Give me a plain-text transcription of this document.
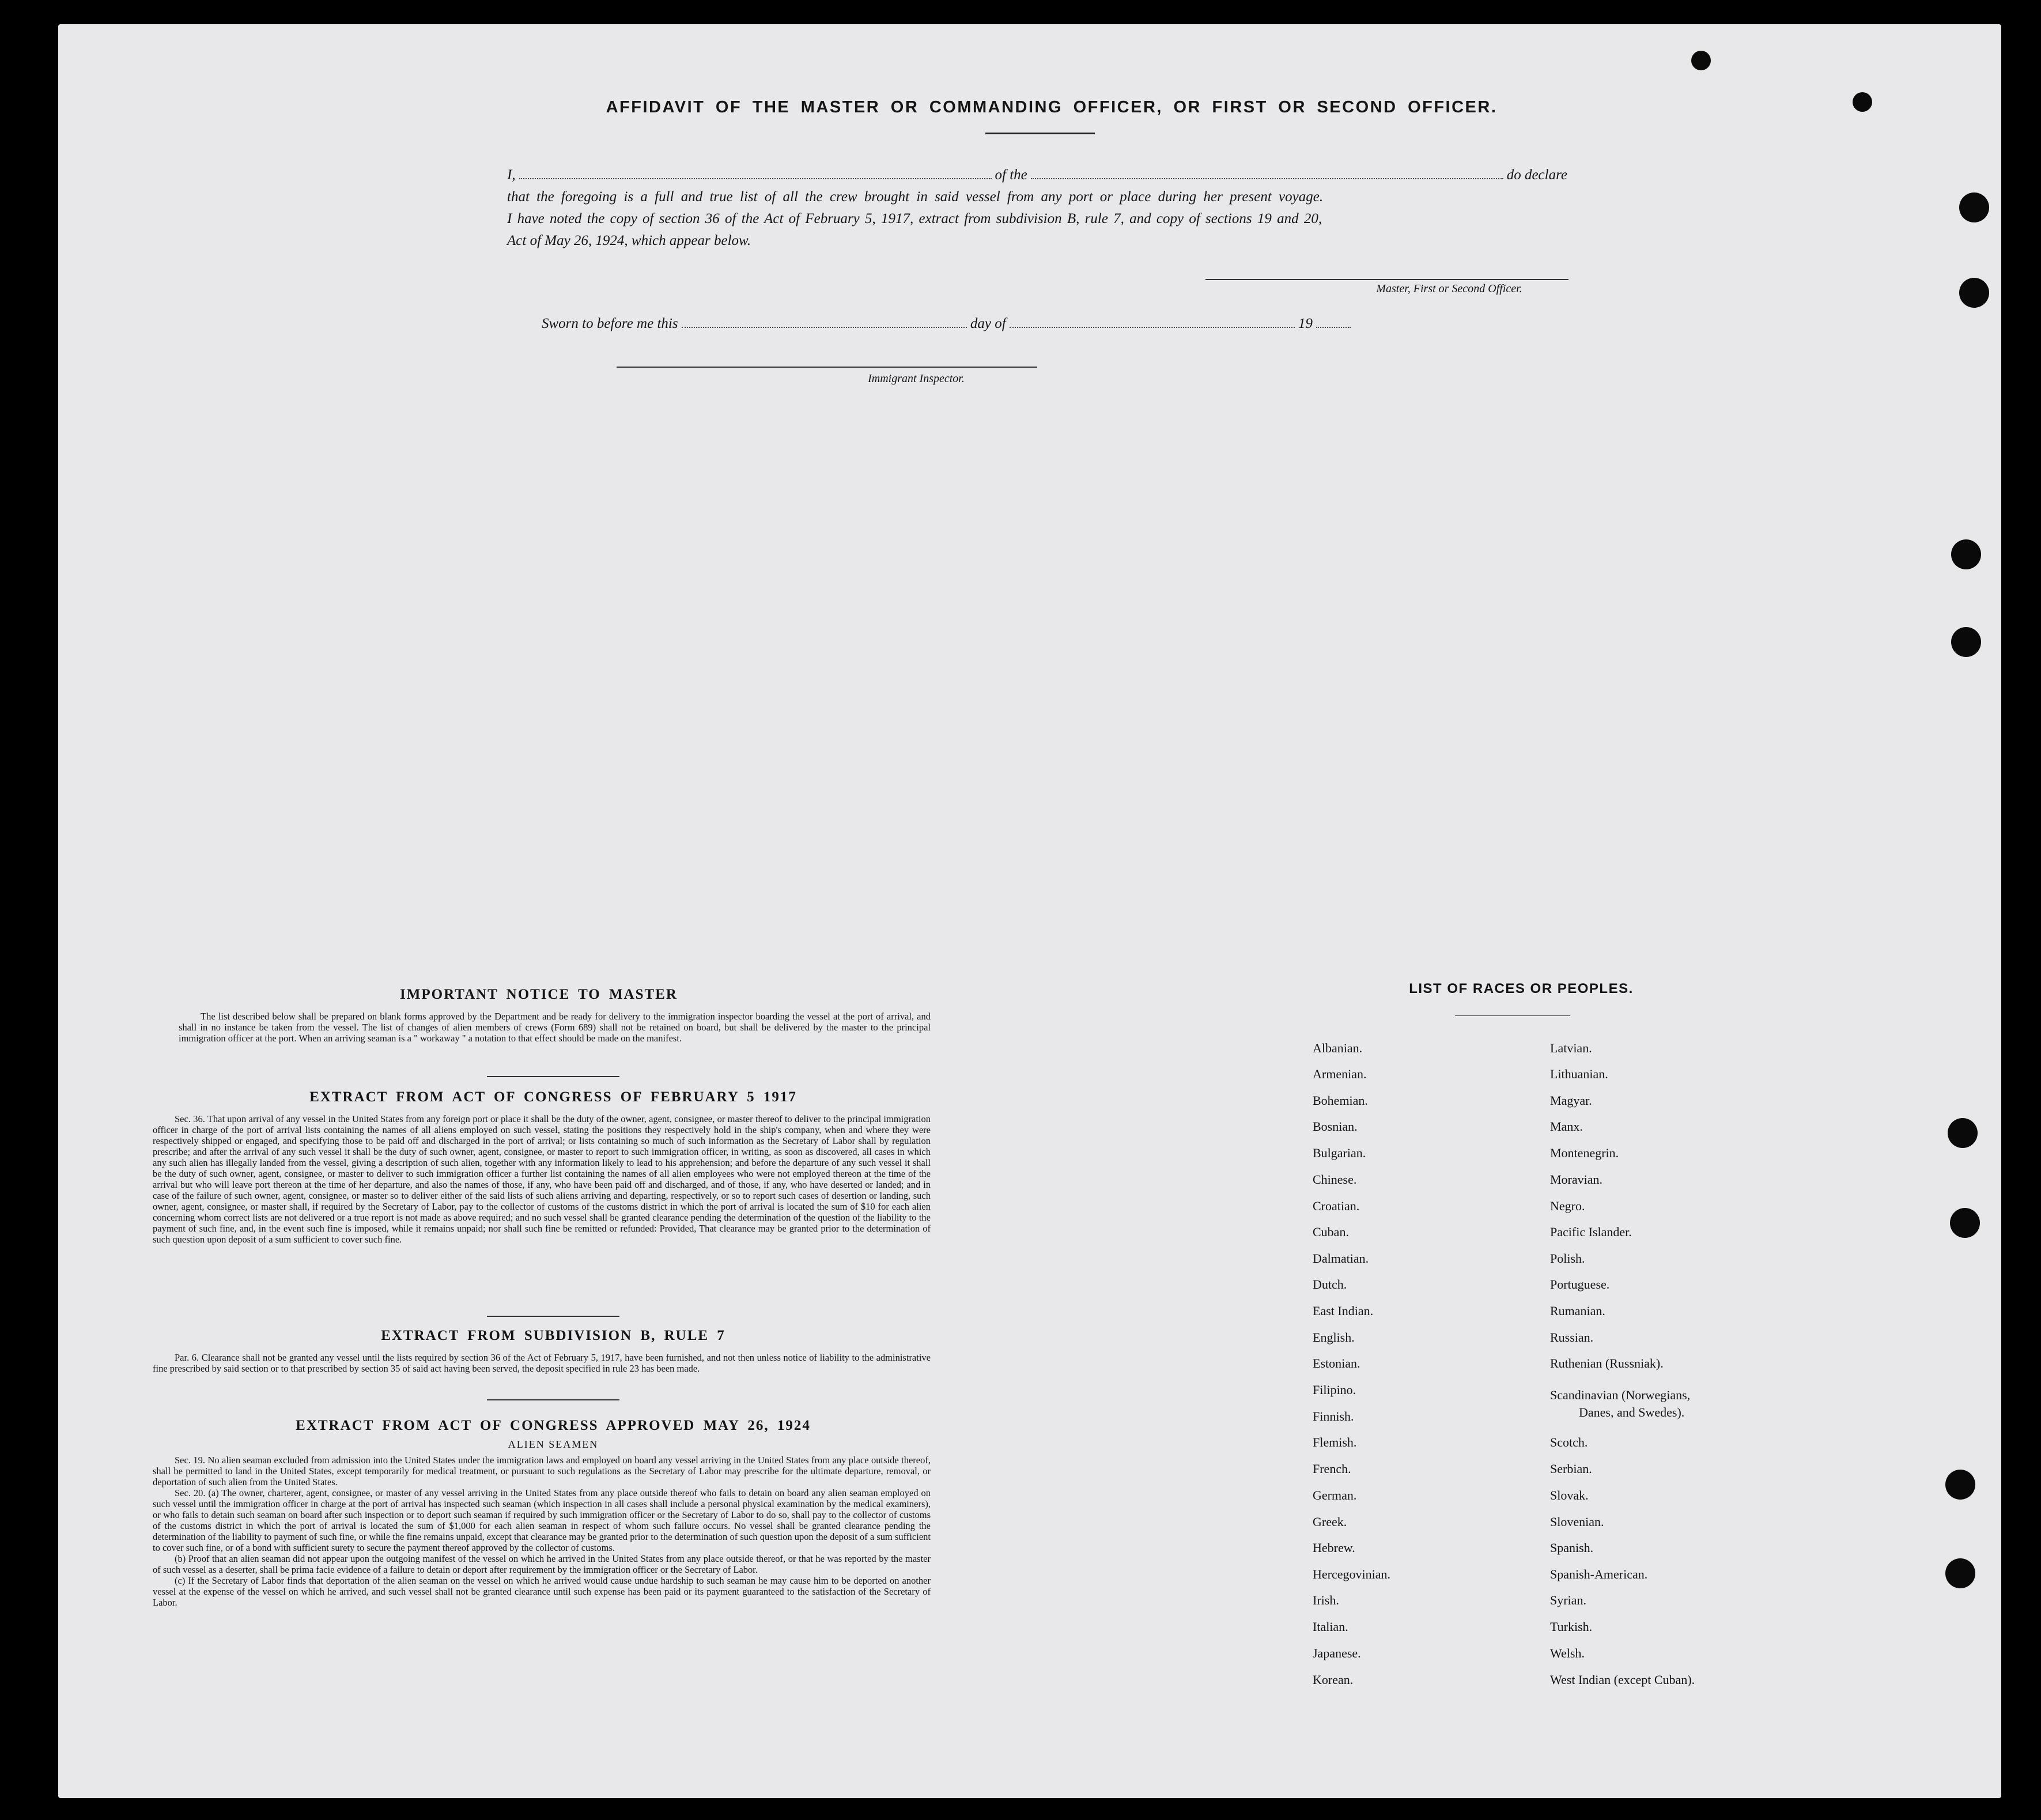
AFFIDAVIT OF THE MASTER OR COMMANDING OFFICER, OR FIRST OR SECOND OFFICER.
I,	of the	do declare
that the foregoing is a full and true list of all the crew brought in said vessel from any port or place during her present voyage.
I have noted the copy of section 36 of the Act of February 5, 1917, extract from subdivision B, rule 7, and copy of sections 19 and 20,
Act of May 26, 1924, which appear below.
Master, First or Second Officer.
Sworn to before me this	day of	19
Immigrant Inspector.
IMPORTANT NOTICE TO MASTER

The list described below shall be prepared on blank forms approved by the Department and be ready for delivery to the immigration inspector boarding the vessel at the port of arrival, and shall in no instance be taken from the vessel. The list of changes of alien members of crews (Form 689) shall not be retained on board, but shall be delivered by the master to the principal immigration officer at the port. When an arriving seaman is a " workaway " a notation to that effect should be made on the manifest.

EXTRACT FROM ACT OF CONGRESS OF FEBRUARY 5 1917

Sec. 36. That upon arrival of any vessel in the United States from any foreign port or place it shall be the duty of the owner, agent, consignee, or master thereof to deliver to the principal immigration officer in charge of the port of arrival lists containing the names of all aliens employed on such vessel, stating the positions they respectively hold in the ship's company, when and where they were respectively shipped or engaged, and specifying those to be paid off and discharged in the port of arrival; or lists containing so much of such information as the Secretary of Labor shall by regulation prescribe; and after the arrival of any such vessel it shall be the duty of such owner, agent, consignee, or master to report to such immigration officer, in writing, as soon as discovered, all cases in which any such alien has illegally landed from the vessel, giving a description of such alien, together with any information likely to lead to his apprehension; and before the departure of any such vessel it shall be the duty of such owner, agent, consignee, or master to deliver to such immigration officer a further list containing the names of all alien employees who were not employed thereon at the time of the arrival but who will leave port thereon at the time of her departure, and also the names of those, if any, who have been paid off and discharged, and of those, if any, who have deserted or landed; and in case of the failure of such owner, agent, consignee, or master so to deliver either of the said lists of such aliens arriving and departing, respectively, or so to report such cases of desertion or landing, such owner, agent, consignee, or master shall, if required by the Secretary of Labor, pay to the collector of customs of the customs district in which the port of arrival is located the sum of $10 for each alien concerning whom correct lists are not delivered or a true report is not made as above required; and no such vessel shall be granted clearance pending the determination of the question of the liability to the payment of such fine, and, in the event such fine is imposed, while it remains unpaid; nor shall such fine be remitted or refunded: Provided, That clearance may be granted prior to the determination of such question upon deposit of a sum sufficient to cover such fine.

EXTRACT FROM SUBDIVISION B, RULE 7

Par. 6. Clearance shall not be granted any vessel until the lists required by section 36 of the Act of February 5, 1917, have been furnished, and not then unless notice of liability to the administrative fine prescribed by said section or to that prescribed by section 35 of said act having been served, the deposit specified in rule 23 has been made.

EXTRACT FROM ACT OF CONGRESS APPROVED MAY 26, 1924
ALIEN SEAMEN

Sec. 19. No alien seaman excluded from admission into the United States under the immigration laws and employed on board any vessel arriving in the United States from any place outside thereof, shall be permitted to land in the United States, except temporarily for medical treatment, or pursuant to such regulations as the Secretary of Labor may prescribe for the ultimate departure, removal, or deportation of such alien from the United States.

Sec. 20. (a) The owner, charterer, agent, consignee, or master of any vessel arriving in the United States from any place outside thereof who fails to detain on board any alien seaman employed on such vessel until the immigration officer in charge at the port of arrival has inspected such seaman (which inspection in all cases shall include a personal physical examination by the medical examiners), or who fails to detain such seaman on board after such inspection or to deport such seaman if required by such immigration officer or the Secretary of Labor to do so, shall pay to the collector of customs of the customs district in which the port of arrival is located the sum of $1,000 for each alien seaman in respect of whom such failure occurs. No vessel shall be granted clearance pending the determination of the liability to payment of such fine, or while the fine remains unpaid, except that clearance may be granted prior to the determination of such question upon the deposit of a sum sufficient to cover such fine, or of a bond with sufficient surety to secure the payment thereof approved by the collector of customs.

(b) Proof that an alien seaman did not appear upon the outgoing manifest of the vessel on which he arrived in the United States from any place outside thereof, or that he was reported by the master of such vessel as a deserter, shall be prima facie evidence of a failure to detain or deport after requirement by the immigration officer or the Secretary of Labor.

(c) If the Secretary of Labor finds that deportation of the alien seaman on the vessel on which he arrived would cause undue hardship to such seaman he may cause him to be deported on another vessel at the expense of the vessel on which he arrived, and such vessel shall not be granted clearance until such expense has been paid or its payment guaranteed to the satisfaction of the Secretary of Labor.

LIST OF RACES OR PEOPLES.
Albanian.
Armenian.
Bohemian.
Bosnian.
Bulgarian.
Chinese.
Croatian.
Cuban.
Dalmatian.
Dutch.
East Indian.
English.
Estonian.
Filipino.
Finnish.
Flemish.
French.
German.
Greek.
Hebrew.
Hercegovinian.
Irish.
Italian.
Japanese.
Korean.
Latvian.
Lithuanian.
Magyar.
Manx.
Montenegrin.
Moravian.
Negro.
Pacific Islander.
Polish.
Portuguese.
Rumanian.
Russian.
Ruthenian (Russniak).
Scandinavian (Norwegians,
Danes, and Swedes).
Scotch.
Serbian.
Slovak.
Slovenian.
Spanish.
Spanish-American.
Syrian.
Turkish.
Welsh.
West Indian (except Cuban).
